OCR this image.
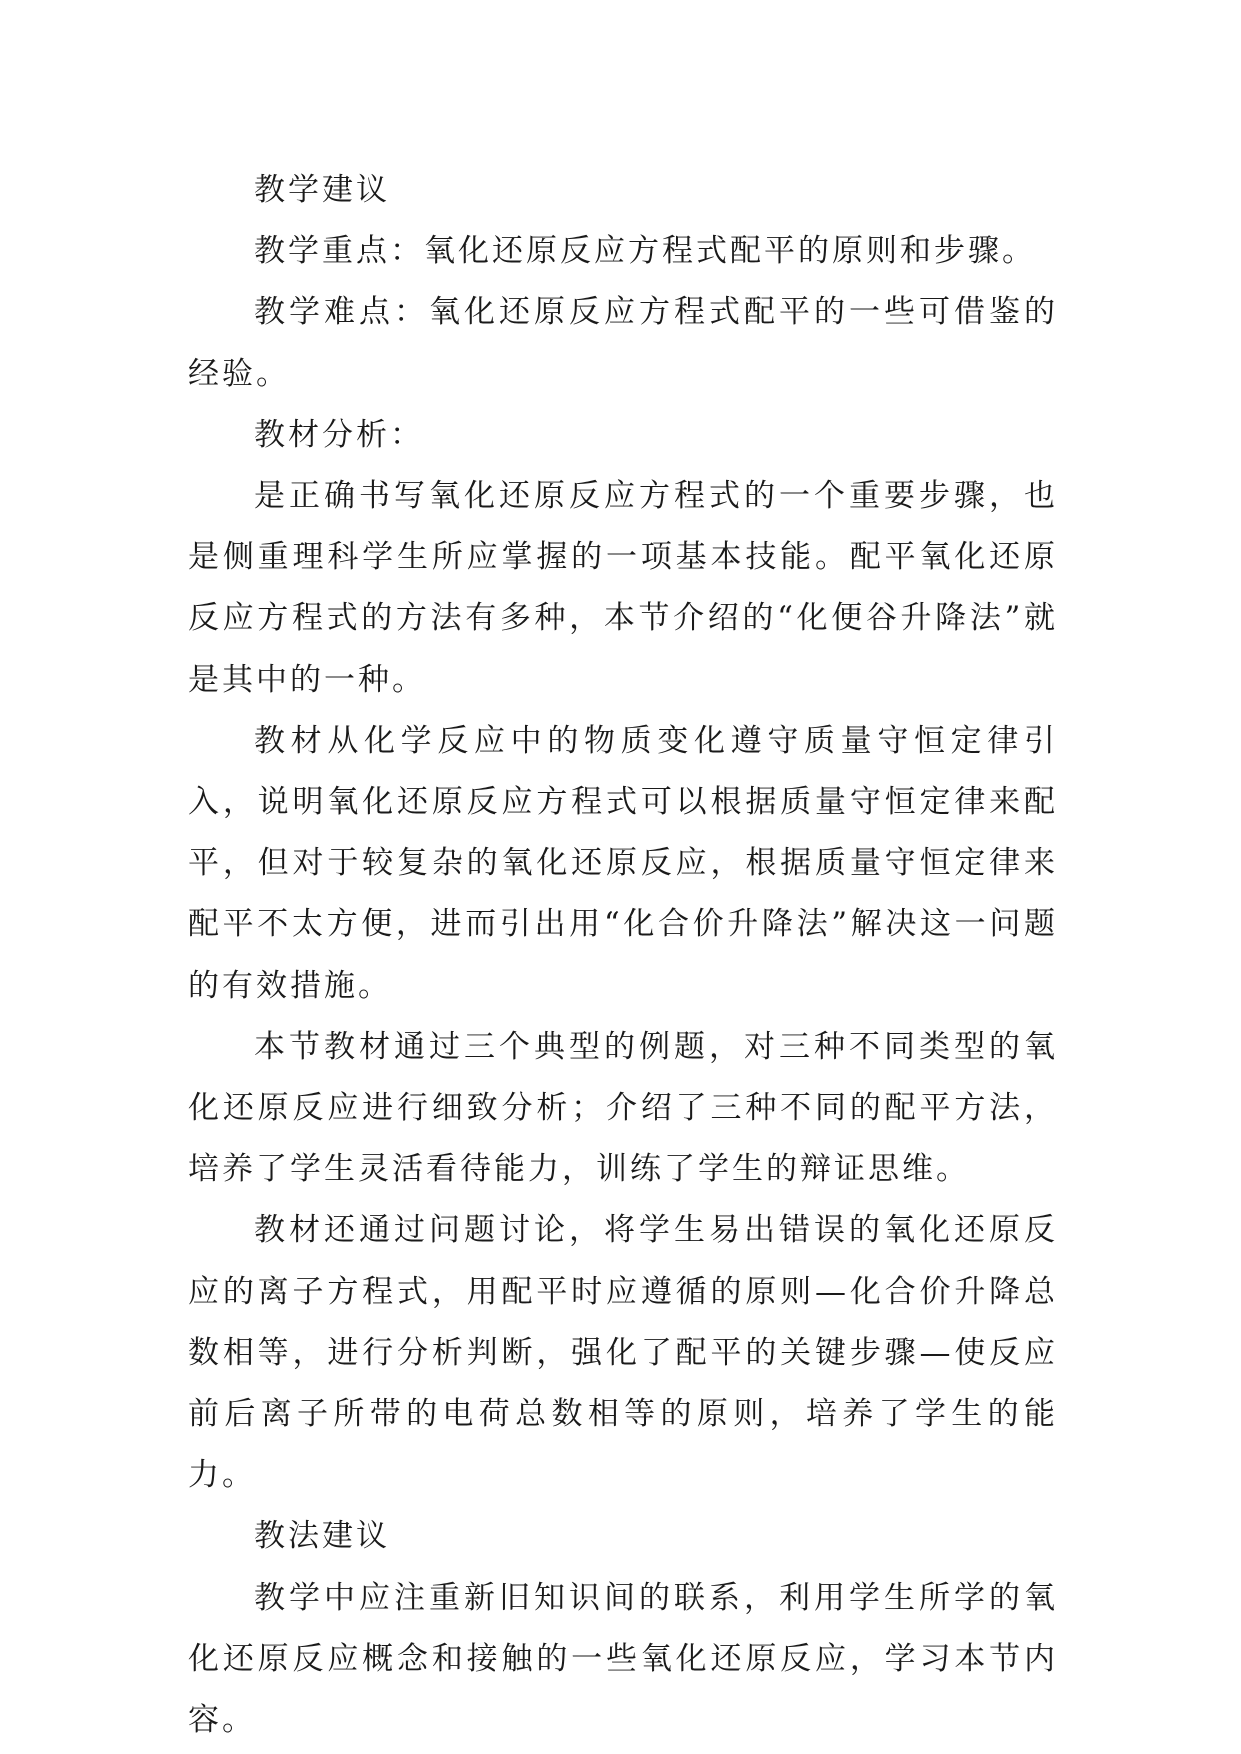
教学建议

教学重点：氧化还原反应方程式配平的原则和步骤。

教学难点：氧化还原反应方程式配平的一些可借鉴的经验。

教材分析：

是正确书写氧化还原反应方程式的一个重要步骤，也是侧重理科学生所应掌握的一项基本技能。配平氧化还原反应方程式的方法有多种，本节介绍的“化便谷升降法”就是其中的一种。

教材从化学反应中的物质变化遵守质量守恒定律引入，说明氧化还原反应方程式可以根据质量守恒定律来配平，但对于较复杂的氧化还原反应，根据质量守恒定律来配平不太方便，进而引出用“化合价升降法”解决这一问题的有效措施。

本节教材通过三个典型的例题，对三种不同类型的氧化还原反应进行细致分析；介绍了三种不同的配平方法，培养了学生灵活看待能力，训练了学生的辩证思维。

教材还通过问题讨论，将学生易出错误的氧化还原反应的离子方程式，用配平时应遵循的原则—化合价升降总数相等，进行分析判断，强化了配平的关键步骤—使反应前后离子所带的电荷总数相等的原则，培养了学生的能力。

教法建议

教学中应注重新旧知识间的联系，利用学生所学的氧化还原反应概念和接触的一些氧化还原反应，学习本节内容。
